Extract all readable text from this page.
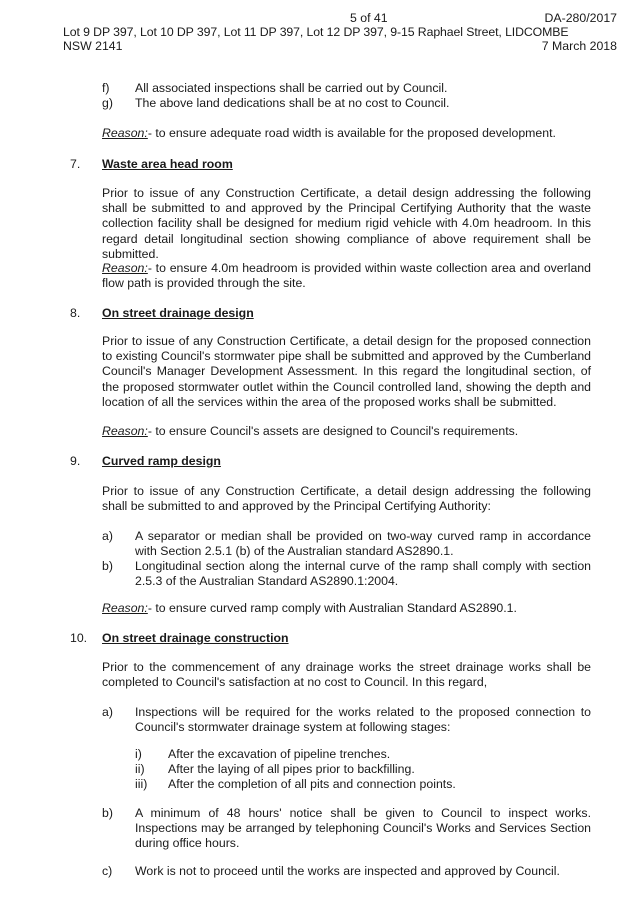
5 of 41	DA-280/2017
Lot 9 DP 397, Lot 10 DP 397, Lot 11 DP 397, Lot 12 DP 397, 9-15 Raphael Street, LIDCOMBE
NSW 2141	7 March 2018
f) All associated inspections shall be carried out by Council.
g) The above land dedications shall be at no cost to Council.
Reason:- to ensure adequate road width is available for the proposed development.
7. Waste area head room
Prior to issue of any Construction Certificate, a detail design addressing the following shall be submitted to and approved by the Principal Certifying Authority that the waste collection facility shall be designed for medium rigid vehicle with 4.0m headroom. In this regard detail longitudinal section showing compliance of above requirement shall be submitted.
Reason:- to ensure 4.0m headroom is provided within waste collection area and overland flow path is provided through the site.
8. On street drainage design
Prior to issue of any Construction Certificate, a detail design for the proposed connection to existing Council's stormwater pipe shall be submitted and approved by the Cumberland Council's Manager Development Assessment. In this regard the longitudinal section, of the proposed stormwater outlet within the Council controlled land, showing the depth and location of all the services within the area of the proposed works shall be submitted.
Reason:- to ensure Council's assets are designed to Council's requirements.
9. Curved ramp design
Prior to issue of any Construction Certificate, a detail design addressing the following shall be submitted to and approved by the Principal Certifying Authority:
a) A separator or median shall be provided on two-way curved ramp in accordance with Section 2.5.1 (b) of the Australian standard AS2890.1.
b) Longitudinal section along the internal curve of the ramp shall comply with section 2.5.3 of the Australian Standard AS2890.1:2004.
Reason:- to ensure curved ramp comply with Australian Standard AS2890.1.
10. On street drainage construction
Prior to the commencement of any drainage works the street drainage works shall be completed to Council's satisfaction at no cost to Council. In this regard,
a) Inspections will be required for the works related to the proposed connection to Council's stormwater drainage system at following stages:
i) After the excavation of pipeline trenches.
ii) After the laying of all pipes prior to backfilling.
iii) After the completion of all pits and connection points.
b) A minimum of 48 hours' notice shall be given to Council to inspect works. Inspections may be arranged by telephoning Council's Works and Services Section during office hours.
c) Work is not to proceed until the works are inspected and approved by Council.
